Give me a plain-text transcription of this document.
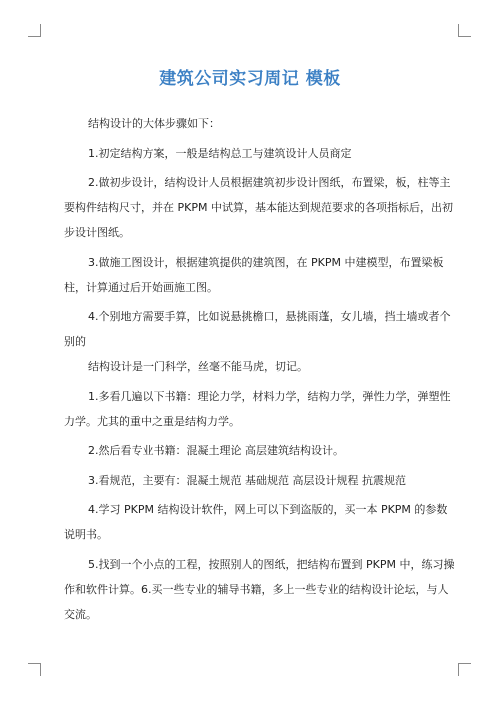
建筑公司实习周记 模板

结构设计的大体步骤如下：

1.初定结构方案，一般是结构总工与建筑设计人员商定

2.做初步设计，结构设计人员根据建筑初步设计图纸，布置梁，板，柱等主要构件结构尺寸，并在 PKPM 中试算，基本能达到规范要求的各项指标后，出初步设计图纸。

3.做施工图设计，根据建筑提供的建筑图，在 PKPM 中建模型，布置梁板柱，计算通过后开始画施工图。

4.个别地方需要手算，比如说悬挑檐口，悬挑雨蓬，女儿墙，挡土墙或者个别的

结构设计是一门科学，丝毫不能马虎，切记。

1.多看几遍以下书籍：理论力学，材料力学，结构力学，弹性力学，弹塑性力学。尤其的重中之重是结构力学。

2.然后看专业书籍：混凝土理论 高层建筑结构设计。

3.看规范，主要有：混凝土规范 基础规范 高层设计规程 抗震规范

4.学习 PKPM 结构设计软件，网上可以下到盗版的，买一本 PKPM 的参数说明书。

5.找到一个小点的工程，按照别人的图纸，把结构布置到 PKPM 中，练习操作和软件计算。6.买一些专业的辅导书籍，多上一些专业的结构设计论坛，与人交流。
